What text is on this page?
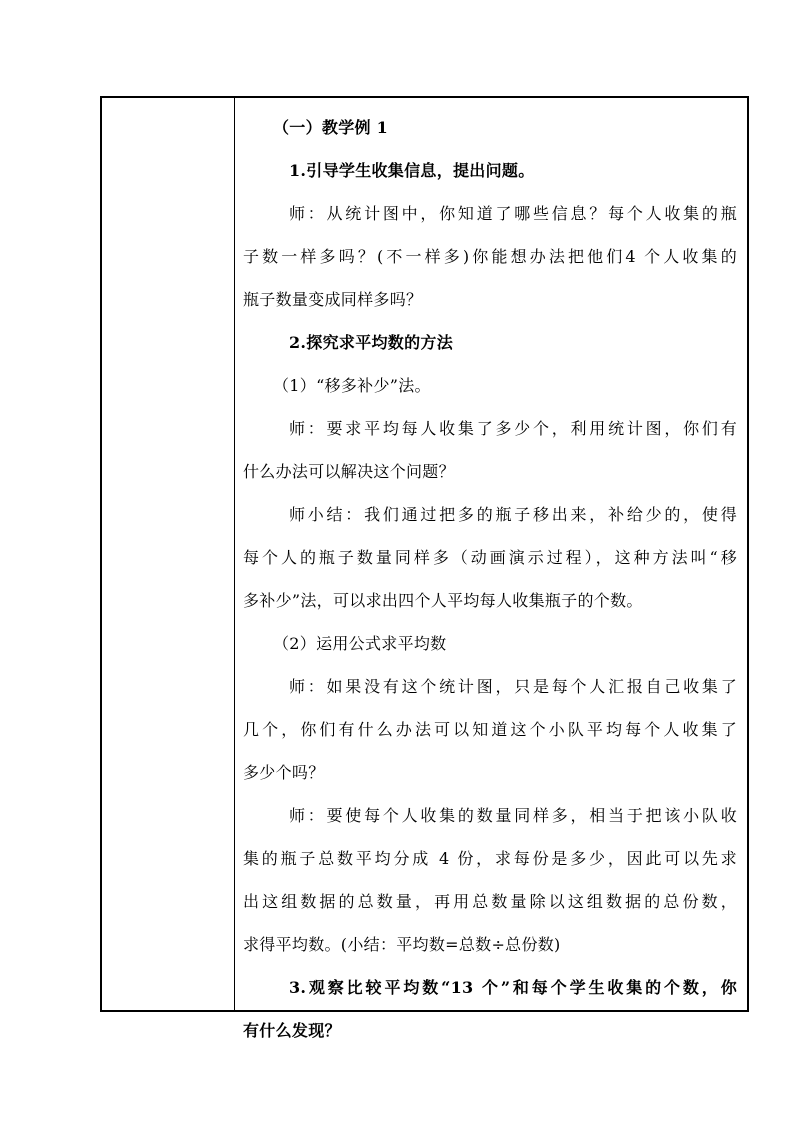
（一）教学例 1
1.引导学生收集信息，提出问题。
师：从统计图中，你知道了哪些信息？每个人收集的瓶
子数一样多吗？(不一样多)你能想办法把他们4 个人收集的
瓶子数量变成同样多吗？
2.探究求平均数的方法
（1）“移多补少”法。
师：要求平均每人收集了多少个，利用统计图，你们有
什么办法可以解决这个问题？
师小结：我们通过把多的瓶子移出来，补给少的，使得
每个人的瓶子数量同样多（动画演示过程），这种方法叫“移
多补少”法，可以求出四个人平均每人收集瓶子的个数。
（2）运用公式求平均数
师：如果没有这个统计图，只是每个人汇报自己收集了
几个，你们有什么办法可以知道这个小队平均每个人收集了
多少个吗？
师：要使每个人收集的数量同样多，相当于把该小队收
集的瓶子总数平均分成 4 份，求每份是多少，因此可以先求
出这组数据的总数量，再用总数量除以这组数据的总份数，
求得平均数。(小结：平均数=总数÷总份数)
3.观察比较平均数“13 个”和每个学生收集的个数，你
有什么发现？
